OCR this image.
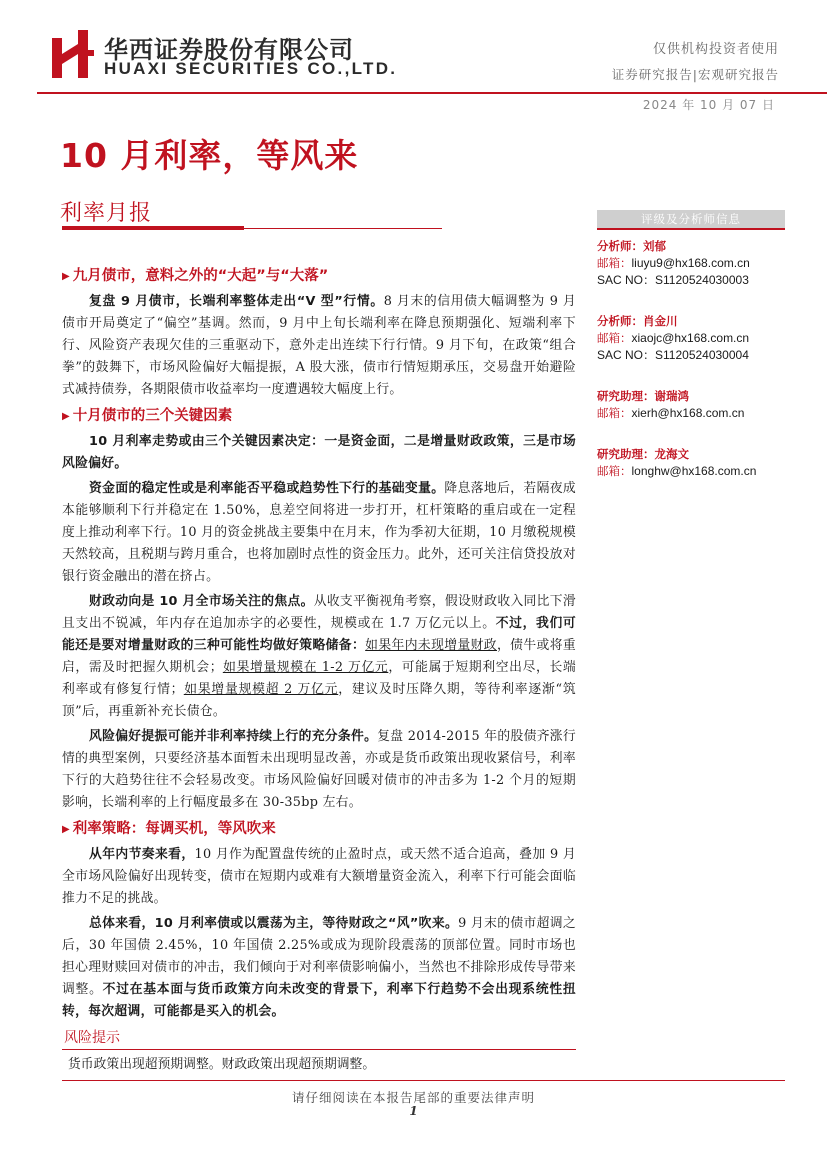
华西证券股份有限公司
HUAXI SECURITIES CO.,LTD.
仅供机构投资者使用
证券研究报告|宏观研究报告
2024 年 10 月 07 日
10 月利率，等风来
利率月报
▶ 九月债市，意料之外的“大起”与“大落”

复盘 9 月债市，长端利率整体走出“V 型”行情。8 月末的信用债大幅调整为 9 月债市开局奠定了“偏空”基调。然而，9 月中上旬长端利率在降息预期强化、短端利率下行、风险资产表现欠佳的三重驱动下，意外走出连续下行行情。9 月下旬，在政策“组合拳”的鼓舞下，市场风险偏好大幅提振，A 股大涨，债市行情短期承压，交易盘开始避险式减持债券，各期限债市收益率均一度遭遇较大幅度上行。

▶ 十月债市的三个关键因素

10 月利率走势或由三个关键因素决定：一是资金面，二是增量财政政策，三是市场风险偏好。

资金面的稳定性或是利率能否平稳或趋势性下行的基础变量。降息落地后，若隔夜成本能够顺利下行并稳定在 1.50%，息差空间将进一步打开，杠杆策略的重启或在一定程度上推动利率下行。10 月的资金挑战主要集中在月末，作为季初大征期，10 月缴税规模天然较高，且税期与跨月重合，也将加剧时点性的资金压力。此外，还可关注信贷投放对银行资金融出的潜在挤占。

财政动向是 10 月全市场关注的焦点。从收支平衡视角考察，假设财政收入同比下滑且支出不锐减，年内存在追加赤字的必要性，规模或在 1.7 万亿元以上。不过，我们可能还是要对增量财政的三种可能性均做好策略储备：如果年内未现增量财政，债牛或将重启，需及时把握久期机会；如果增量规模在 1-2 万亿元，可能属于短期利空出尽，长端利率或有修复行情；如果增量规模超 2 万亿元，建议及时压降久期，等待利率逐渐“筑顶”后，再重新补充长债仓。

风险偏好提振可能并非利率持续上行的充分条件。复盘 2014-2015 年的股债齐涨行情的典型案例，只要经济基本面暂未出现明显改善，亦或是货币政策出现收紧信号，利率下行的大趋势往往不会轻易改变。市场风险偏好回暖对债市的冲击多为 1-2 个月的短期影响，长端利率的上行幅度最多在 30-35bp 左右。

▶ 利率策略：每调买机，等风吹来

从年内节奏来看，10 月作为配置盘传统的止盈时点，或天然不适合追高，叠加 9 月全市场风险偏好出现转变，债市在短期内或难有大额增量资金流入，利率下行可能会面临推力不足的挑战。

总体来看，10 月利率债或以震荡为主，等待财政之“风”吹来。9 月末的债市超调之后，30 年国债 2.45%，10 年国债 2.25%或成为现阶段震荡的顶部位置。同时市场也担心理财赎回对债市的冲击，我们倾向于对利率债影响偏小，当然也不排除形成传导带来调整。不过在基本面与货币政策方向未改变的背景下，利率下行趋势不会出现系统性扭转，每次超调，可能都是买入的机会。

风险提示
货币政策出现超预期调整。财政政策出现超预期调整。
评级及分析师信息
分析师：刘郁
邮箱：liuyu9@hx168.com.cn
SAC NO：S1120524030003
分析师：肖金川
邮箱：xiaojc@hx168.com.cn
SAC NO：S1120524030004
研究助理：谢瑞鸿
邮箱：xierh@hx168.com.cn
研究助理：龙海文
邮箱：longhw@hx168.com.cn
请仔细阅读在本报告尾部的重要法律声明
1
